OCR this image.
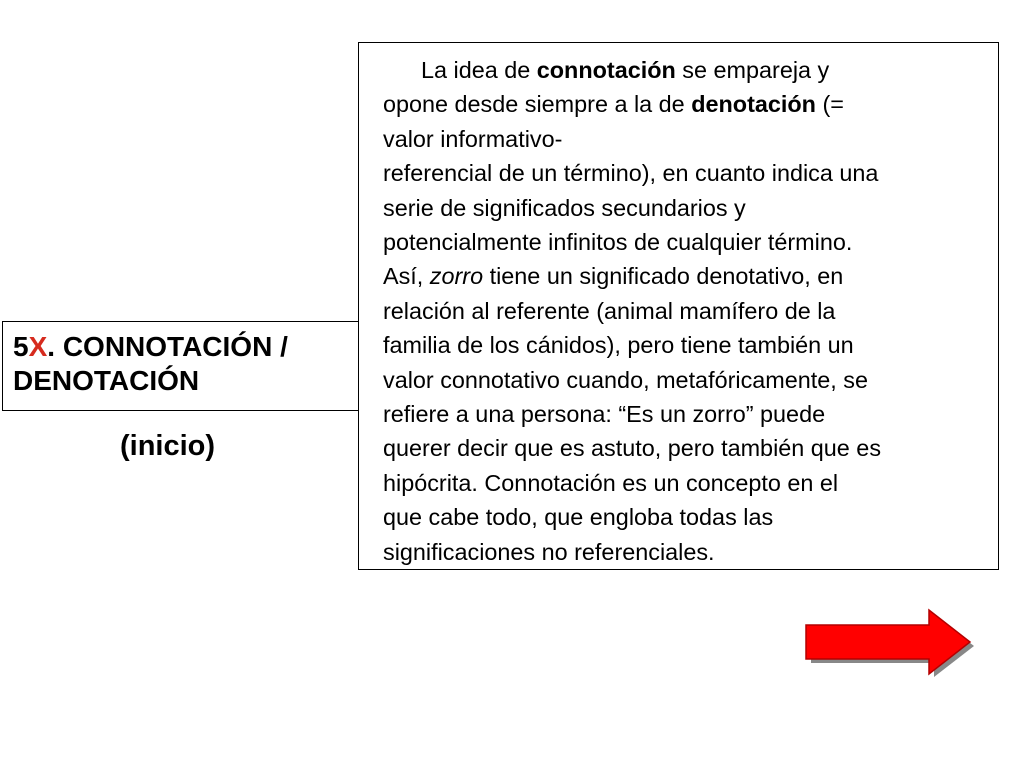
5X. CONNOTACIÓN /
DENOTACIÓN
(inicio)

La idea de connotación se empareja y
opone desde siempre a la de denotación (=
valor informativo-
referencial de un término), en cuanto indica una
serie de significados secundarios y
potencialmente infinitos de cualquier término.
Así, zorro tiene un significado denotativo, en
relación al referente (animal mamífero de la
familia de los cánidos), pero tiene también un
valor connotativo cuando, metafóricamente, se
refiere a una persona: “Es un zorro” puede
querer decir que es astuto, pero también que es
hipócrita. Connotación es un concepto en el
que cabe todo, que engloba todas las
significaciones no referenciales.
